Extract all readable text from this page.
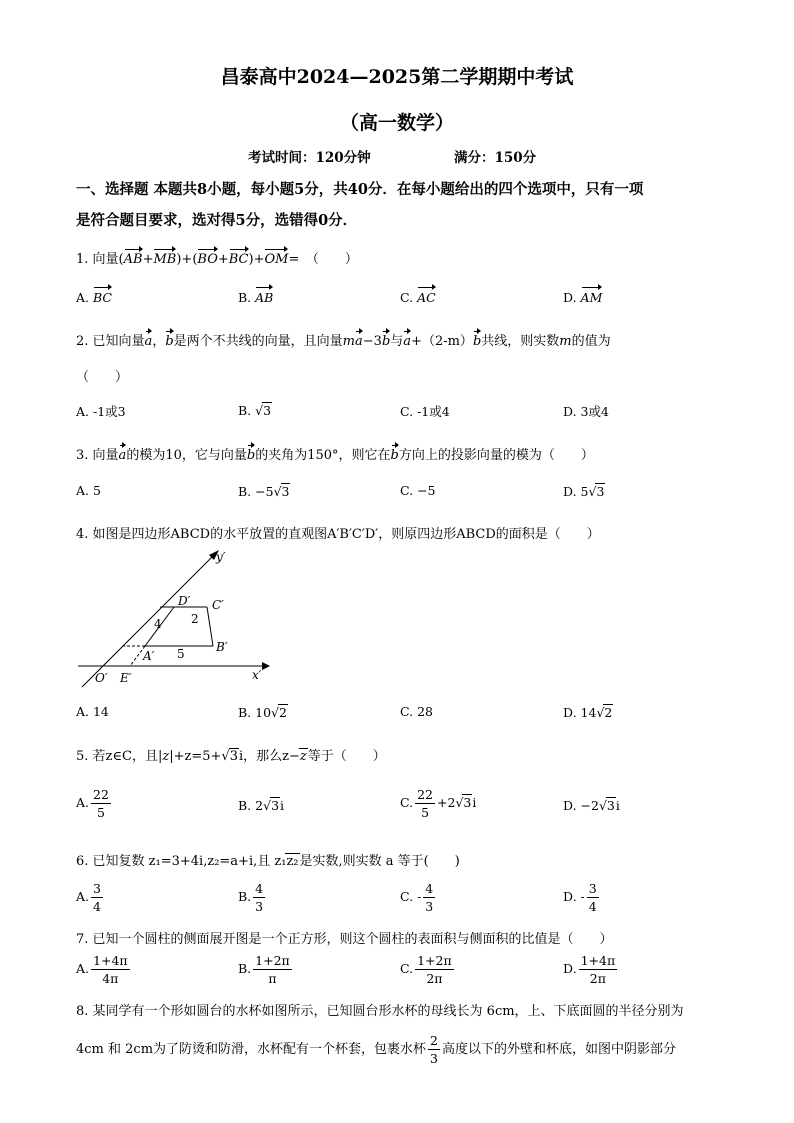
昌泰高中2024—2025第二学期期中考试
（高一数学）
考试时间：120分钟	满分：150分
一、选择题 本题共8小题，每小题5分，共40分．在每小题给出的四个选项中，只有一项
是符合题目要求，选对得5分，选错得0分．
1. 向量(AB+MB)+(BO+BC)+OM=　 （　　）
A. BC	B. AB	C. AC	D. AM
2. 已知向量a，b是两个不共线的向量，且向量ma−3b与a+（2-m）b共线，则实数m的值为
（　　）
A. -1或3	B. √3	C. -1或4	D. 3或4
3. 向量a的模为10，它与向量b的夹角为150°，则它在b方向上的投影向量的模为（　　）
A. 5	B. −5√3	C. −5	D. 5√3
4. 如图是四边形ABCD的水平放置的直观图A′B′C′D′，则原四边形ABCD的面积是（　　）
y′
x′
O′ E′
A′
B′
C′
D′
4 2
5
A. 14	B. 10√2	C. 28	D. 14√2
5. 若z∈C，且|z|+z=5+√3i，那么z−z等于（　　）
A. $\frac{22}{5}$	B. 2√3i	C. $\frac{22}{5} +2√3i$	D. −2√3i
6. 已知复数 z₁=3+4i,z₂=a+i,且 z₁z₂是实数,则实数 a 等于(　　)
A. $\frac{3}{4}$	B. $\frac{4}{3}$	C. - $\frac{4}{3}$	D. - $\frac{3}{4}$
7. 已知一个圆柱的侧面展开图是一个正方形，则这个圆柱的表面积与侧面积的比值是（　　）
A. $\frac{1+4\pi}{4\pi}$	B. $\frac{1+2\pi}{\pi}$	C. $\frac{1+2\pi}{2\pi}$	D. $\frac{1+4\pi}{2\pi}$
8. 某同学有一个形如圆台的水杯如图所示，已知圆台形水杯的母线长为 6cm，上、下底面圆的半径分别为
4cm 和 2cm为了防烫和防滑，水杯配有一个杯套，包裹水杯 $\frac{2}{3}$ 高度以下的外壁和杯底，如图中阴影部分
